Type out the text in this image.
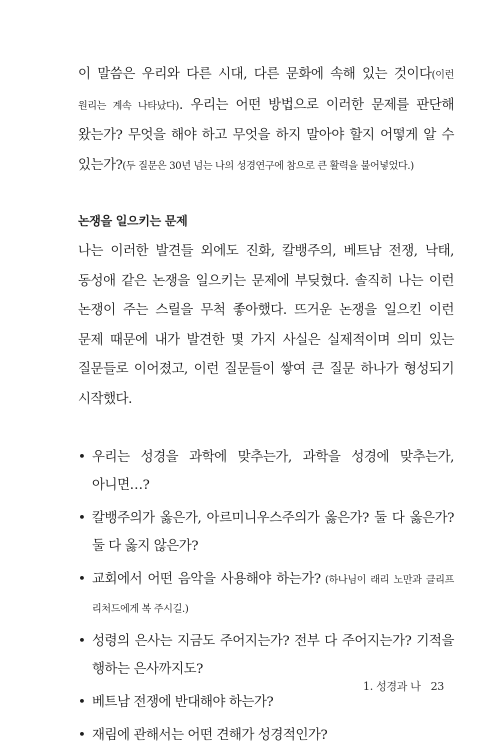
이 말씀은 우리와 다른 시대, 다른 문화에 속해 있는 것이다(이런 원리는 계속 나타났다). 우리는 어떤 방법으로 이러한 문제를 판단해 왔는가? 무엇을 해야 하고 무엇을 하지 말아야 할지 어떻게 알 수 있는가?(두 질문은 30년 넘는 나의 성경연구에 참으로 큰 활력을 불어넣었다.)

논쟁을 일으키는 문제

나는 이러한 발견들 외에도 진화, 칼뱅주의, 베트남 전쟁, 낙태, 동성애 같은 논쟁을 일으키는 문제에 부딪혔다. 솔직히 나는 이런 논쟁이 주는 스릴을 무척 좋아했다. 뜨거운 논쟁을 일으킨 이런 문제 때문에 내가 발견한 몇 가지 사실은 실제적이며 의미 있는 질문들로 이어졌고, 이런 질문들이 쌓여 큰 질문 하나가 형성되기 시작했다.

• 우리는 성경을 과학에 맞추는가, 과학을 성경에 맞추는가, 아니면…?
• 칼뱅주의가 옳은가, 아르미니우스주의가 옳은가? 둘 다 옳은가? 둘 다 옳지 않은가?
• 교회에서 어떤 음악을 사용해야 하는가? (하나님이 래리 노만과 클리프 리처드에게 복 주시길.)
• 성령의 은사는 지금도 주어지는가? 전부 다 주어지는가? 기적을 행하는 은사까지도?
• 베트남 전쟁에 반대해야 하는가?
• 재림에 관해서는 어떤 견해가 성경적인가?
1. 성경과 나 23
